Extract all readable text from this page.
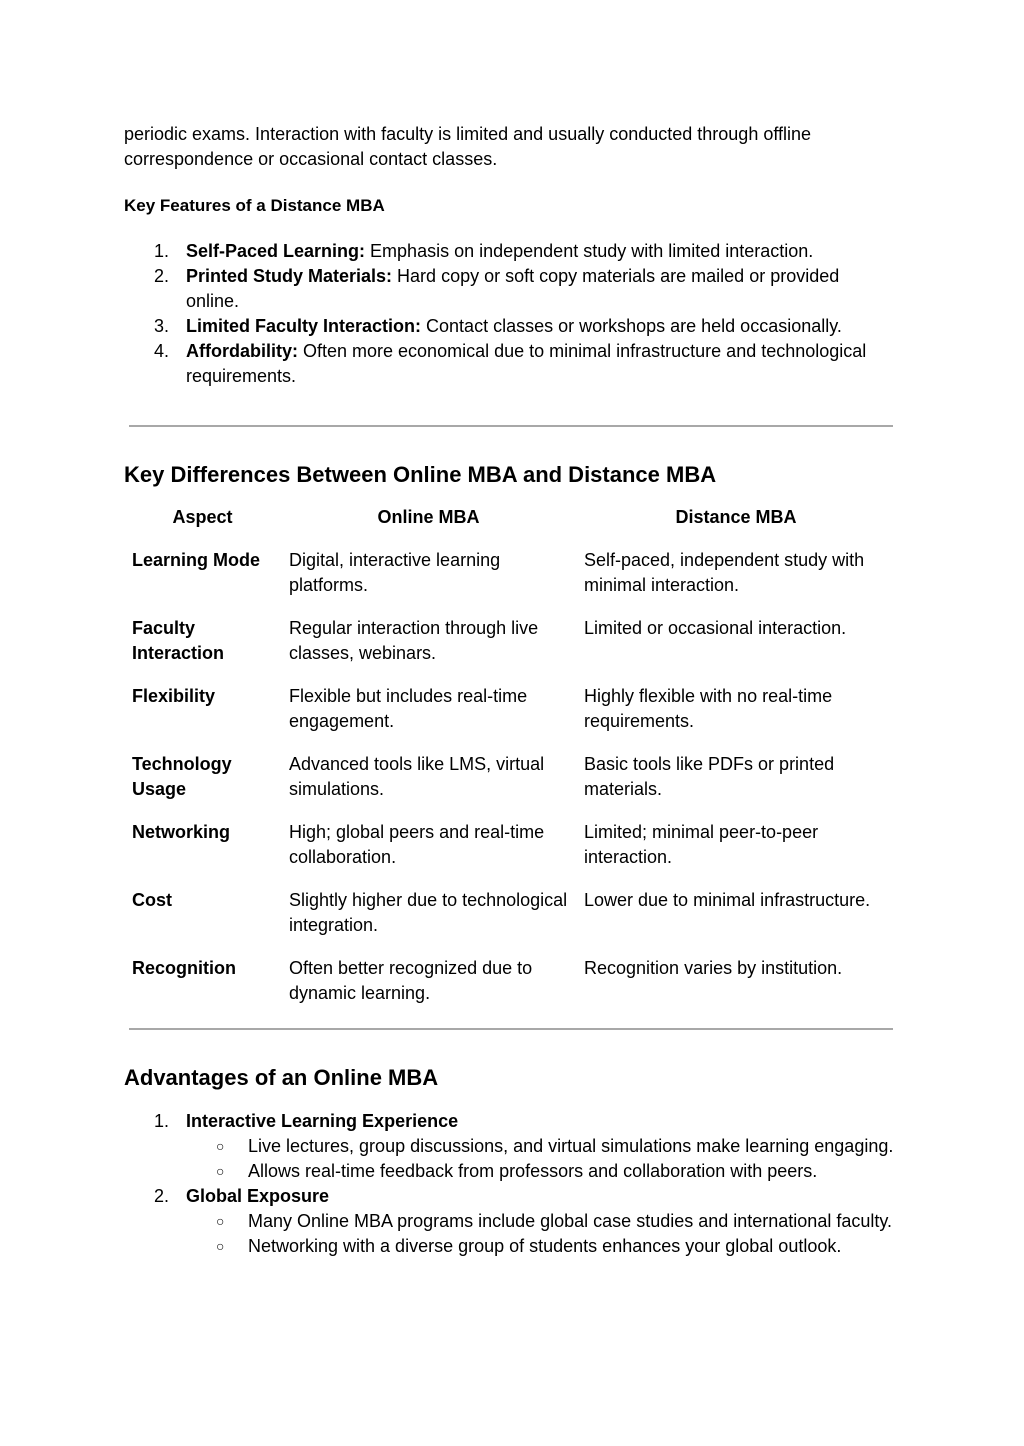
periodic exams. Interaction with faculty is limited and usually conducted through offline correspondence or occasional contact classes.

Key Features of a Distance MBA

1. Self-Paced Learning: Emphasis on independent study with limited interaction.
2. Printed Study Materials: Hard copy or soft copy materials are mailed or provided online.
3. Limited Faculty Interaction: Contact classes or workshops are held occasionally.
4. Affordability: Often more economical due to minimal infrastructure and technological requirements.

Key Differences Between Online MBA and Distance MBA

Aspect	Online MBA	Distance MBA
Learning Mode	Digital, interactive learning platforms.	Self-paced, independent study with minimal interaction.
Faculty Interaction	Regular interaction through live classes, webinars.	Limited or occasional interaction.
Flexibility	Flexible but includes real-time engagement.	Highly flexible with no real-time requirements.
Technology Usage	Advanced tools like LMS, virtual simulations.	Basic tools like PDFs or printed materials.
Networking	High; global peers and real-time collaboration.	Limited; minimal peer-to-peer interaction.
Cost	Slightly higher due to technological integration.	Lower due to minimal infrastructure.
Recognition	Often better recognized due to dynamic learning.	Recognition varies by institution.

Advantages of an Online MBA

1. Interactive Learning Experience
○ Live lectures, group discussions, and virtual simulations make learning engaging.
○ Allows real-time feedback from professors and collaboration with peers.
2. Global Exposure
○ Many Online MBA programs include global case studies and international faculty.
○ Networking with a diverse group of students enhances your global outlook.
